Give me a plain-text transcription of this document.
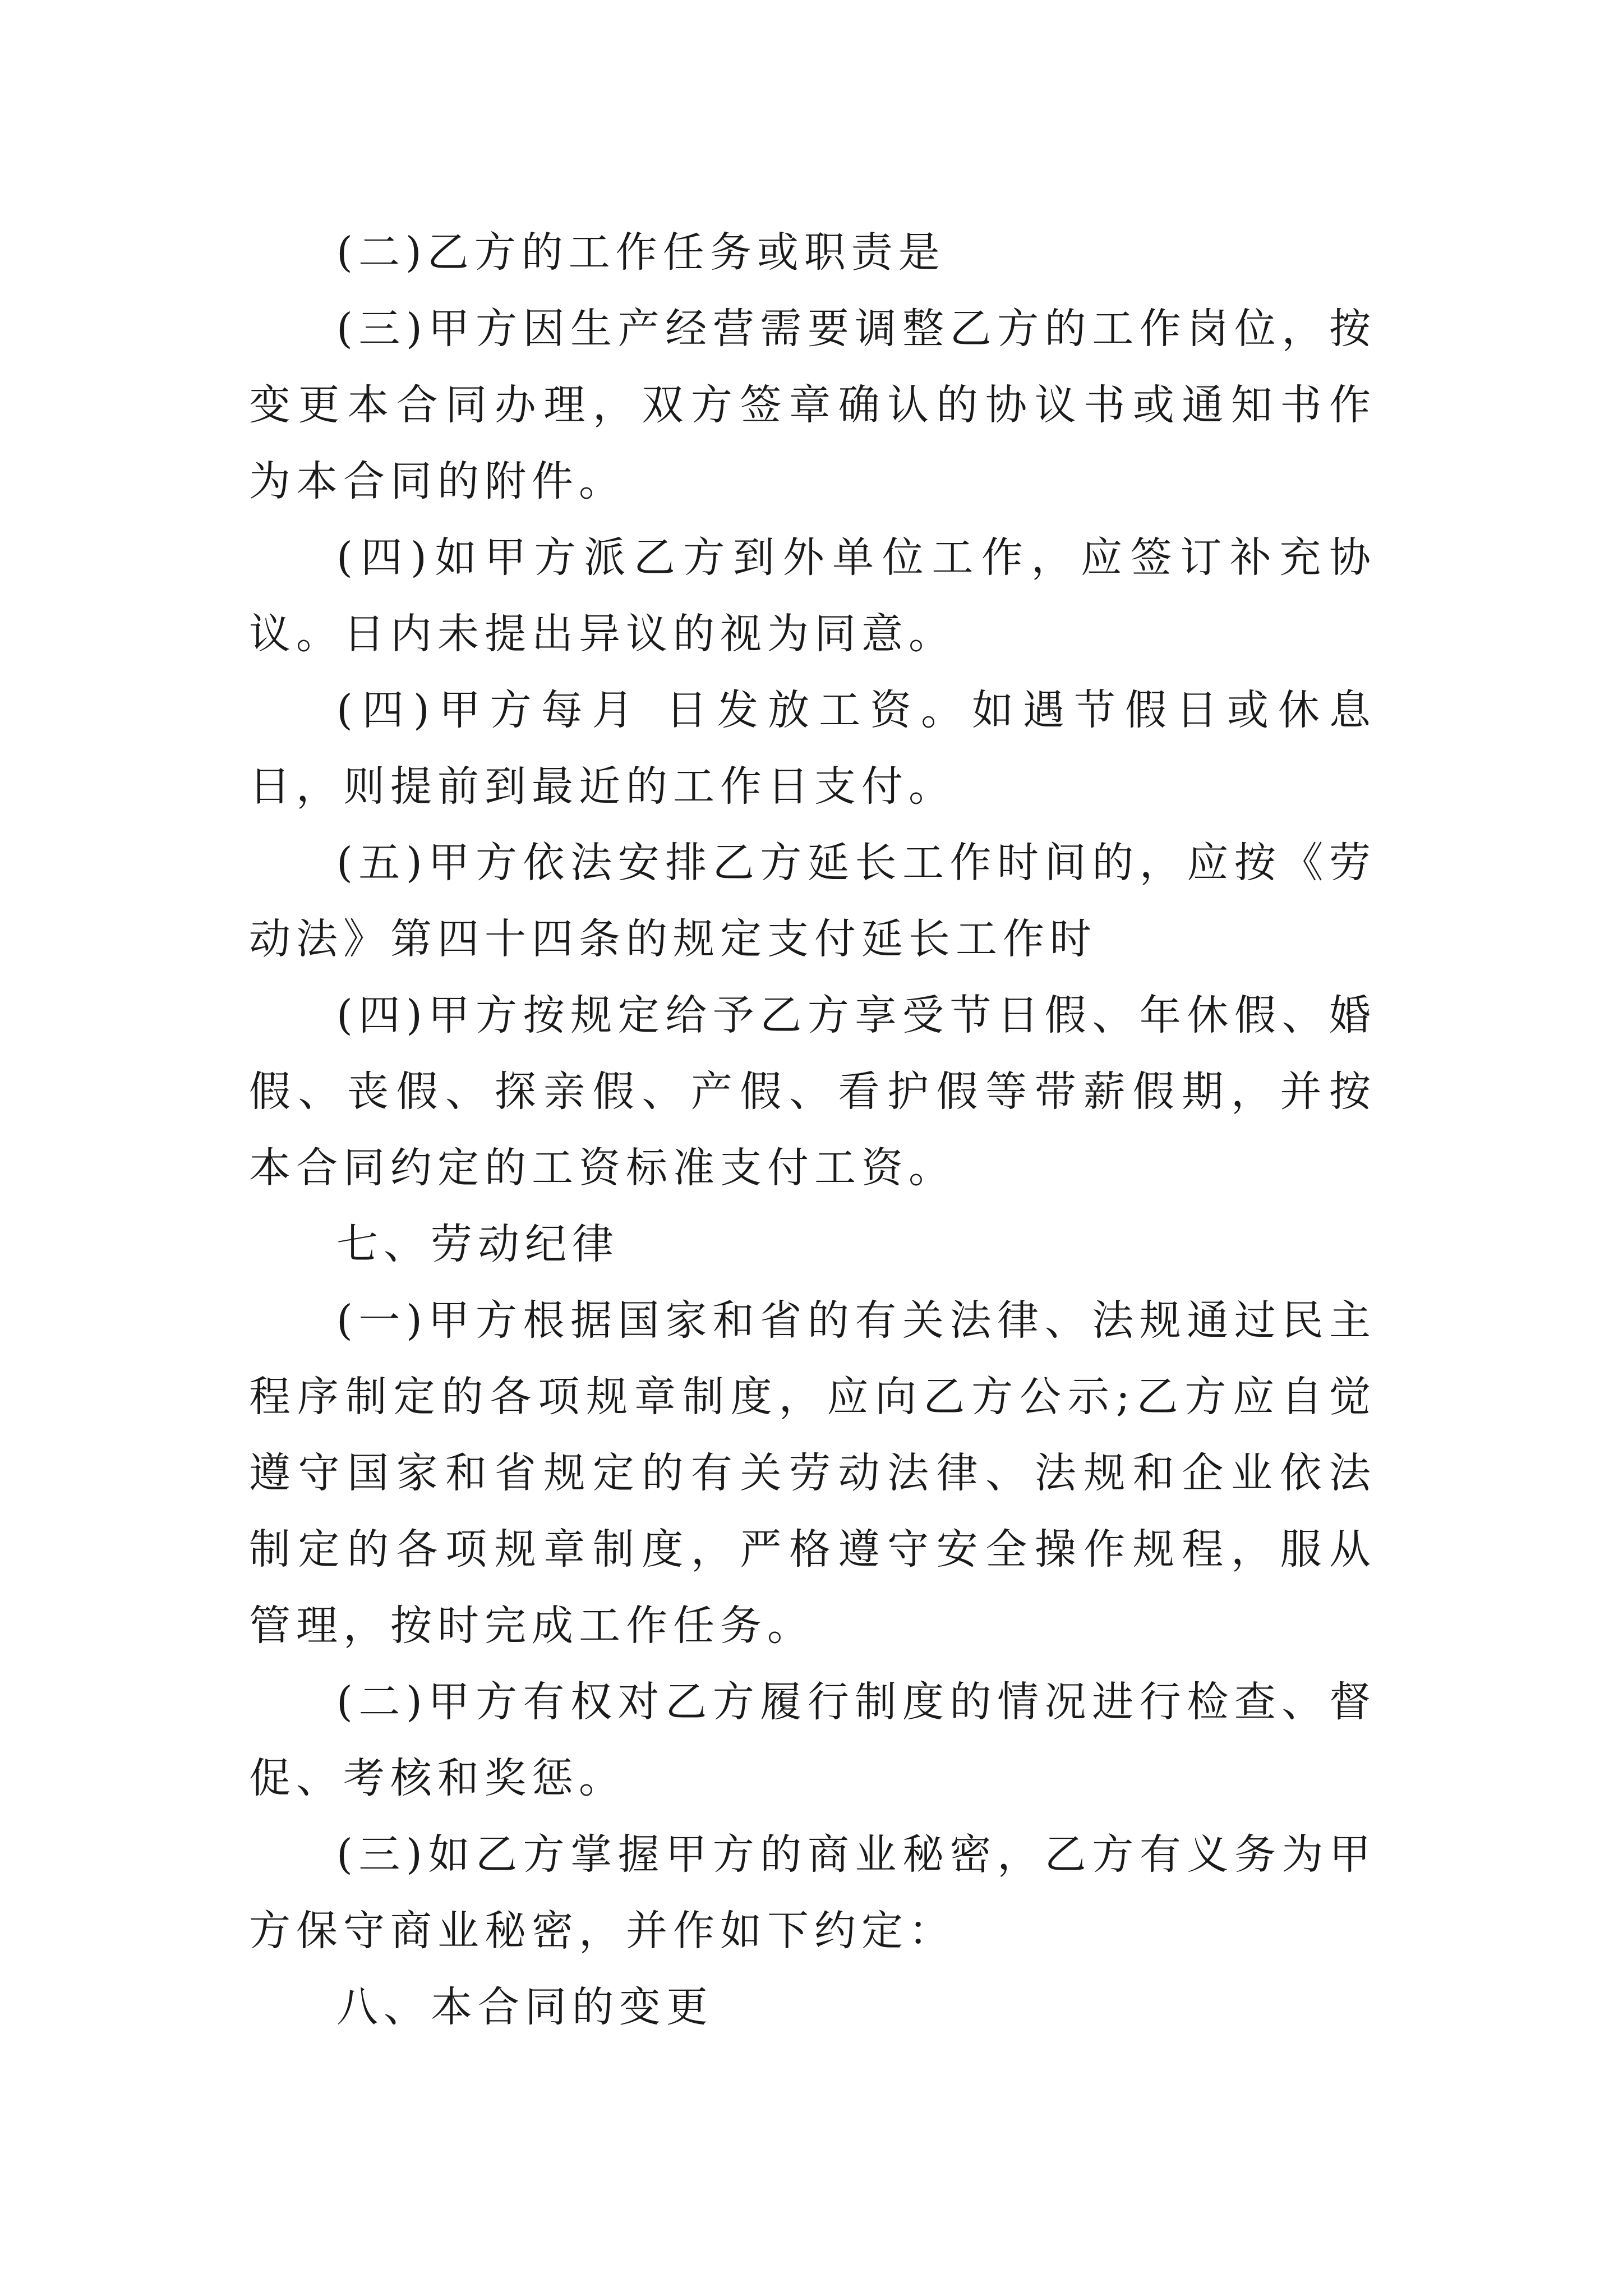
(二)乙方的工作任务或职责是

(三)甲方因生产经营需要调整乙方的工作岗位，按变更本合同办理，双方签章确认的协议书或通知书作为本合同的附件。

(四)如甲方派乙方到外单位工作，应签订补充协议。日内未提出异议的视为同意。

(四)甲方每月 日发放工资。如遇节假日或休息日，则提前到最近的工作日支付。

(五)甲方依法安排乙方延长工作时间的，应按《劳动法》第四十四条的规定支付延长工作时

(四)甲方按规定给予乙方享受节日假、年休假、婚假、丧假、探亲假、产假、看护假等带薪假期，并按本合同约定的工资标准支付工资。

七、劳动纪律

(一)甲方根据国家和省的有关法律、法规通过民主程序制定的各项规章制度，应向乙方公示;乙方应自觉遵守国家和省规定的有关劳动法律、法规和企业依法制定的各项规章制度，严格遵守安全操作规程，服从管理，按时完成工作任务。

(二)甲方有权对乙方履行制度的情况进行检查、督促、考核和奖惩。

(三)如乙方掌握甲方的商业秘密，乙方有义务为甲方保守商业秘密，并作如下约定：

八、本合同的变更
